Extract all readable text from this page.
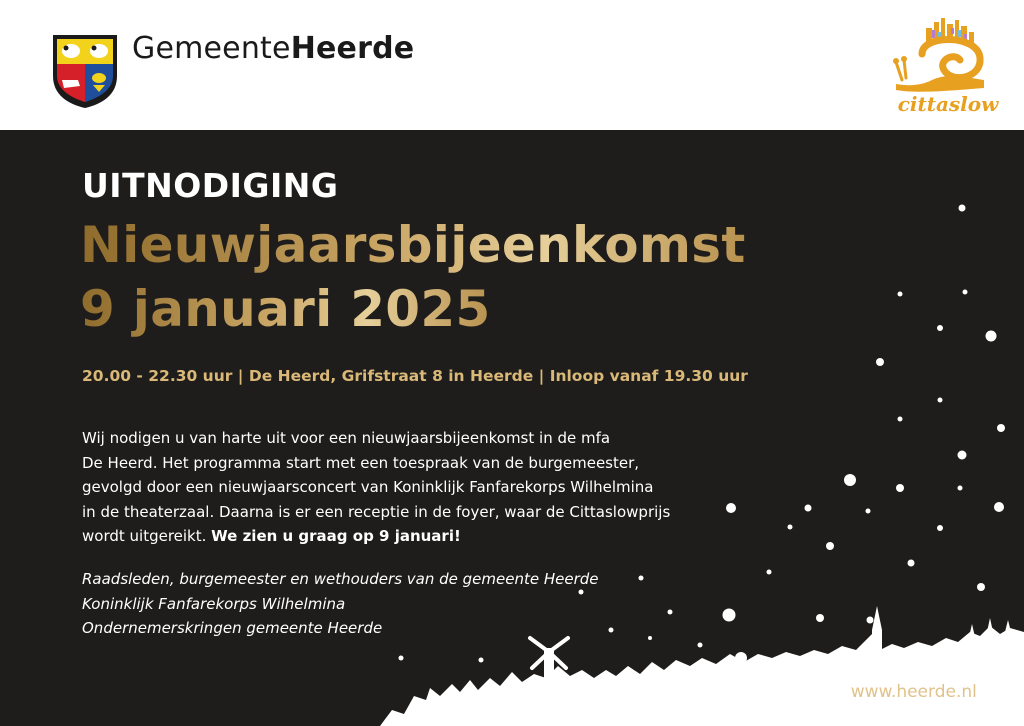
GemeenteHeerde
cittaslow
UITNODIGING
Nieuwjaarsbijeenkomst
9 januari 2025
20.00 - 22.30 uur | De Heerd, Grifstraat 8 in Heerde | Inloop vanaf 19.30 uur
Wij nodigen u van harte uit voor een nieuwjaarsbijeenkomst in de mfa
De Heerd. Het programma start met een toespraak van de burgemeester,
gevolgd door een nieuwjaarsconcert van Koninklijk Fanfarekorps Wilhelmina
in de theaterzaal. Daarna is er een receptie in de foyer, waar de Cittaslowprijs
wordt uitgereikt. We zien u graag op 9 januari!
Raadsleden, burgemeester en wethouders van de gemeente Heerde
Koninklijk Fanfarekorps Wilhelmina
Ondernemerskringen gemeente Heerde
➜ www.heerde.nl
